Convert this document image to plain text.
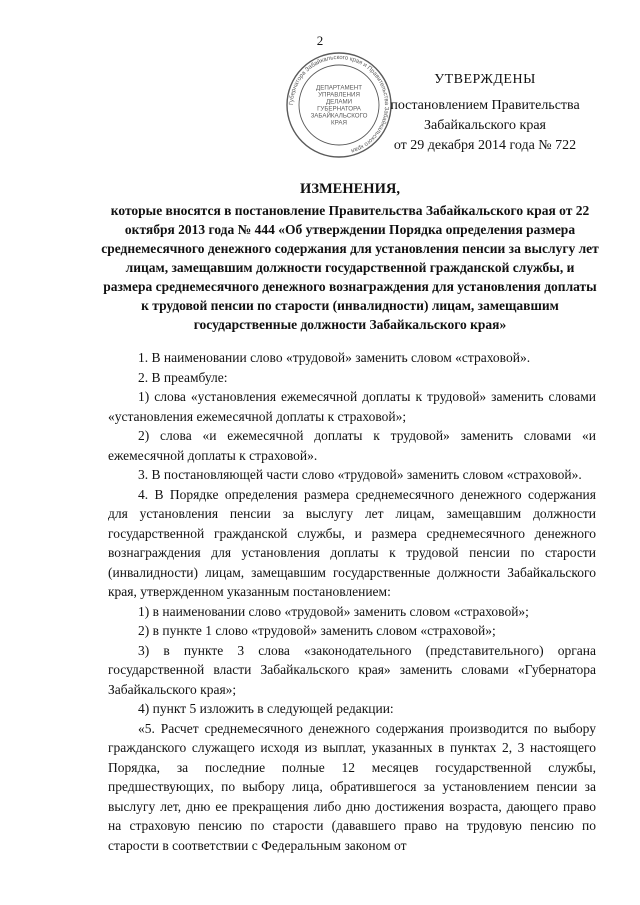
2
Губернатора Забайкальского края и Правительства Забайкальского края
ДЕПАРТАМЕНТ УПРАВЛЕНИЯ ДЕЛАМИ ГУБЕРНАТОРА ЗАБАЙКАЛЬСКОГО КРАЯ
УТВЕРЖДЕНЫ
постановлением Правительства
Забайкальского края
от 29 декабря 2014 года № 722
ИЗМЕНЕНИЯ,
которые вносятся в постановление Правительства Забайкальского края от 22 октября 2013 года № 444 «Об утверждении Порядка определения размера среднемесячного денежного содержания для установления пенсии за выслугу лет лицам, замещавшим должности государственной гражданской службы, и размера среднемесячного денежного вознаграждения для установления доплаты к трудовой пенсии по старости (инвалидности) лицам, замещавшим государственные должности Забайкальского края»

1. В наименовании слово «трудовой» заменить словом «страховой».

2. В преамбуле:

1) слова «установления ежемесячной доплаты к трудовой» заменить словами «установления ежемесячной доплаты к страховой»;

2) слова «и ежемесячной доплаты к трудовой» заменить словами «и ежемесячной доплаты к страховой».

3. В постановляющей части слово «трудовой» заменить словом «страховой».

4. В Порядке определения размера среднемесячного денежного содержания для установления пенсии за выслугу лет лицам, замещавшим должности государственной гражданской службы, и размера среднемесячного денежного вознаграждения для установления доплаты к трудовой пенсии по старости (инвалидности) лицам, замещавшим государственные должности Забайкальского края, утвержденном указанным постановлением:

1) в наименовании слово «трудовой» заменить словом «страховой»;

2) в пункте 1 слово «трудовой» заменить словом «страховой»;

3) в пункте 3 слова «законодательного (представительного) органа государственной власти Забайкальского края» заменить словами «Губернатора Забайкальского края»;

4) пункт 5 изложить в следующей редакции:

«5. Расчет среднемесячного денежного содержания производится по выбору гражданского служащего исходя из выплат, указанных в пунктах 2, 3 настоящего Порядка, за последние полные 12 месяцев государственной службы, предшествующих, по выбору лица, обратившегося за установлением пенсии за выслугу лет, дню ее прекращения либо дню достижения возраста, дающего право на страховую пенсию по старости (дававшего право на трудовую пенсию по старости в соответствии с Федеральным законом от
